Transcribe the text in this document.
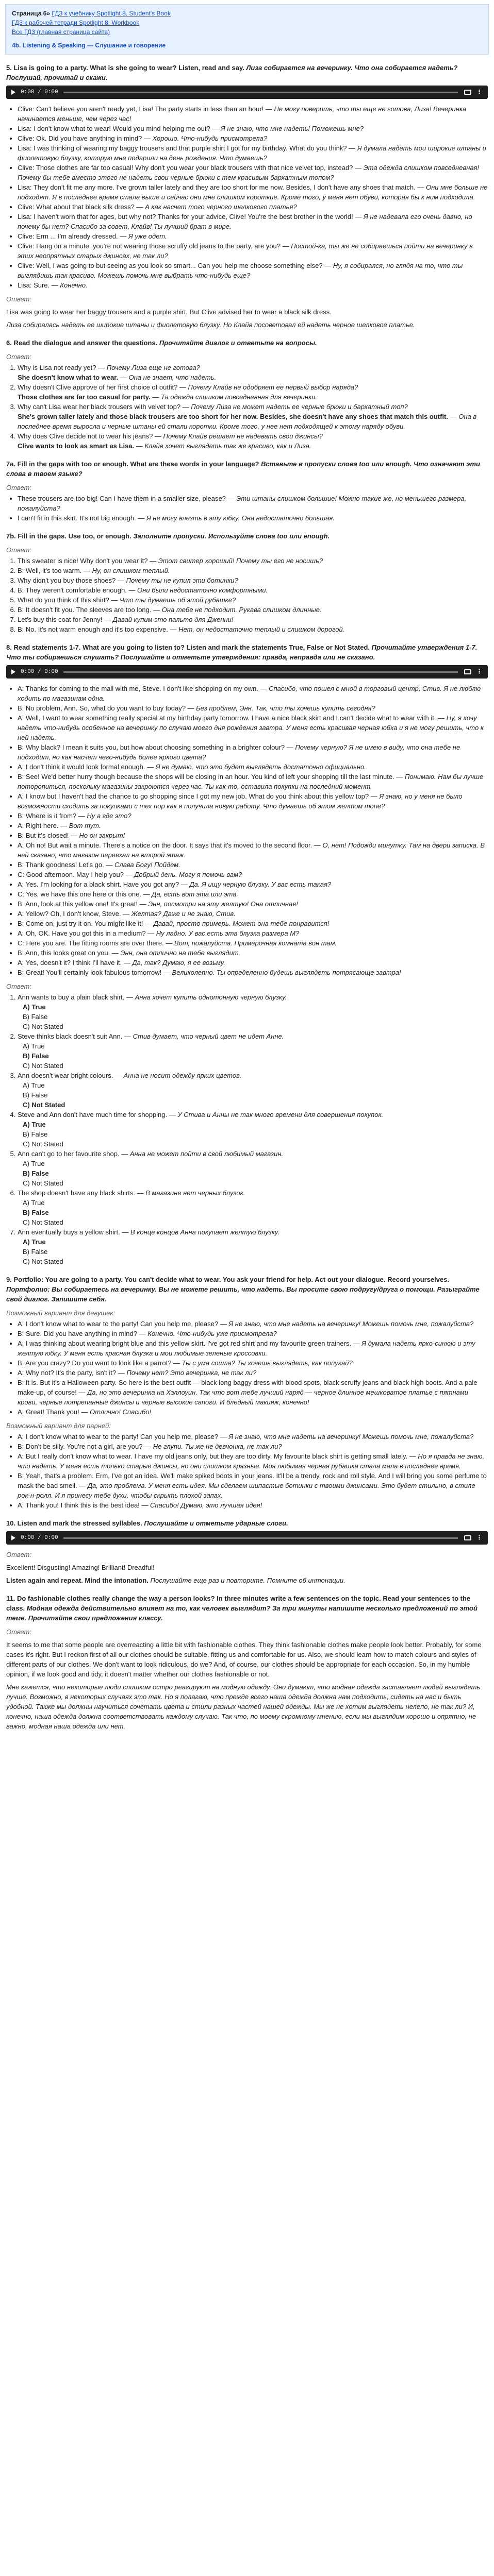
Страница 6» ГДЗ к учебнику Spotlight 8. Student's Book
ГДЗ к рабочей тетради Spotlight 8. Workbook
Все ГДЗ (главная страница сайта)
4b. Listening & Speaking — Слушание и говорение
5. Lisa is going to a party. What is she going to wear? Listen, read and say. Лиза собирается на вечеринку. Что она собирается надеть? Послушай, прочитай и скажи.
0:00 / 0:00	⋮
• Clive: Can't believe you aren't ready yet, Lisa! The party starts in less than an hour! — Не могу поверить, что ты еще не готова, Лиза! Вечеринка начинается меньше, чем через час!
• Lisa: I don't know what to wear! Would you mind helping me out? — Я не знаю, что мне надеть! Поможешь мне?
• Clive: Ok. Did you have anything in mind? — Хорошо. Что-нибудь присмотрела?
• Lisa: I was thinking of wearing my baggy trousers and that purple shirt I got for my birthday. What do you think? — Я думала надеть мои широкие штаны и фиолетовую блузку, которую мне подарили на день рождения. Что думаешь?
• Clive: Those clothes are far too casual! Why don't you wear your black trousers with that nice velvet top, instead? — Эта одежда слишком повседневная! Почему бы тебе вместо этого не надеть свои черные брюки с тем красивым бархатным топом?
• Lisa: They don't fit me any more. I've grown taller lately and they are too short for me now. Besides, I don't have any shoes that match. — Они мне больше не подходят. Я в последнее время стала выше и сейчас они мне слишком короткие. Кроме того, у меня нет обуви, которая бы к ним подходила.
• Clive: What about that black silk dress? — А как насчет того черного шелкового платья?
• Lisa: I haven't worn that for ages, but why not? Thanks for your advice, Clive! You're the best brother in the world! — Я не надевала его очень давно, но почему бы нет? Спасибо за совет, Клайв! Ты лучший брат в мире.
• Clive: Erm ... I'm already dressed. — Я уже одет.
• Clive: Hang on a minute, you're not wearing those scruffy old jeans to the party, are you? — Постой-ка, ты же не собираешься пойти на вечеринку в этих неопрятных старых джинсах, не так ли?
• Clive: Well, I was going to but seeing as you look so smart... Can you help me choose something else? — Ну, я собирался, но глядя на то, что ты выглядишь так красиво. Можешь помочь мне выбрать что-нибудь еще?
• Lisa: Sure. — Конечно.
Ответ:
Lisa was going to wear her baggy trousers and a purple shirt. But Clive advised her to wear a black silk dress.
Лиза собиралась надеть ее широкие штаны и фиолетовую блузку. Но Клайв посоветовал ей надеть черное шелковое платье.
6. Read the dialogue and answer the questions. Прочитайте диалог и ответьте на вопросы.
Ответ:
1. Why is Lisa not ready yet? — Почему Лиза еще не готова?
She doesn't know what to wear. — Она не знает, что надеть.
2. Why doesn't Clive approve of her first choice of outfit? — Почему Клайв не одобряет ее первый выбор наряда?
Those clothes are far too casual for party. — Та одежда слишком повседневная для вечеринки.
3. Why can't Lisa wear her black trousers with velvet top? — Почему Лиза не может надеть ее черные брюки и бархатный топ?
She's grown taller lately and those black trousers are too short for her now. Besides, she doesn't have any shoes that match this outfit. — Она в последнее время выросла и черные штаны ей стали коротки. Кроме того, у нее нет подходящей к этому наряду обуви.
4. Why does Clive decide not to wear his jeans? — Почему Клайв решает не надевать свои джинсы?
Clive wants to look as smart as Lisa. — Клайв хочет выглядеть так же красиво, как и Лиза.
7a. Fill in the gaps with too or enough. What are these words in your language? Вставьте в пропуски слова too или enough. Что означают эти слова в твоем языке?
Ответ:
• These trousers are too big! Can I have them in a smaller size, please? — Эти штаны слишком большие! Можно такие же, но меньшего размера, пожалуйста?
• I can't fit in this skirt. It's not big enough. — Я не могу влезть в эту юбку. Она недостаточно большая.
7b. Fill in the gaps. Use too, or enough. Заполните пропуски. Используйте слова too или enough.
Ответ:
1. This sweater is nice! Why don't you wear it? — Этот свитер хороший! Почему ты его не носишь?
2. B: Well, it's too warm. — Ну, он слишком теплый.
3. Why didn't you buy those shoes? — Почему ты не купил эти ботинки?
4. B: They weren't comfortable enough. — Они были недостаточно комфортными.
5. What do you think of this shirt? — Что ты думаешь об этой рубашке?
6. B: It doesn't fit you. The sleeves are too long. — Она тебе не подходит. Рукава слишком длинные.
7. Let's buy this coat for Jenny! — Давай купим это пальто для Дженни!
8. B: No. It's not warm enough and it's too expensive. — Нет, он недостаточно теплый и слишком дорогой.
8. Read statements 1-7. What are you going to listen to? Listen and mark the statements True, False or Not Stated. Прочитайте утверждения 1-7. Что ты собираешься слушать? Послушайте и отметьте утверждения: правда, неправда или не сказано.
0:00 / 0:00	⋮
• A: Thanks for coming to the mall with me, Steve. I don't like shopping on my own. — Спасибо, что пошел с мной в торговый центр, Стив. Я не люблю ходить по магазинам одна.
• B: No problem, Ann. So, what do you want to buy today? — Без проблем, Энн. Так, что ты хочешь купить сегодня?
• A: Well, I want to wear something really special at my birthday party tomorrow. I have a nice black skirt and I can't decide what to wear with it. — Ну, я хочу надеть что-нибудь особенное на вечеринку по случаю моего дня рождения завтра. У меня есть красивая черная юбка и я не могу решить, что к ней надеть.
• B: Why black? I mean it suits you, but how about choosing something in a brighter colour? — Почему черную? Я не имею в виду, что она тебе не подходит, но как насчет чего-нибудь более яркого цвета?
• A: I don't think it would look formal enough. — Я не думаю, что это будет выглядеть достаточно официально.
• B: See! We'd better hurry though because the shops will be closing in an hour. You kind of left your shopping till the last minute. — Понимаю. Нам бы лучше поторопиться, поскольку магазины закроются через час. Ты как-то, оставила покупки на последний момент.
• A: I know but I haven't had the chance to go shopping since I got my new job. What do you think about this yellow top? — Я знаю, но у меня не было возможности сходить за покупками с тех пор как я получила новую работу. Что думаешь об этом желтом топе?
• B: Where is it from? — Ну а где это?
• A: Right here. — Вот тут.
• B: But it's closed! — Но он закрыт!
• A: Oh no! But wait a minute. There's a notice on the door. It says that it's moved to the second floor. — О, нет! Подожди минутку. Там на двери записка. В ней сказано, что магазин переехал на второй этаж.
• B: Thank goodness! Let's go. — Слава Богу! Пойдем.
• C: Good afternoon. May I help you? — Добрый день. Могу я помочь вам?
• A: Yes. I'm looking for a black shirt. Have you got any? — Да. Я ищу черную блузку. У вас есть такая?
• C: Yes, we have this one here or this one. — Да, есть вот эта или эта.
• B: Ann, look at this yellow one! It's great! — Энн, посмотри на эту желтую! Она отличная!
• A: Yellow? Oh, I don't know, Steve. — Желтая? Даже и не знаю, Стив.
• B: Come on, just try it on. You might like it! — Давай, просто примерь. Может она тебе понравится!
• A: Oh, OK. Have you got this in a medium? — Ну ладно. У вас есть эта блузка размера M?
• C: Here you are. The fitting rooms are over there. — Вот, пожалуйста. Примерочная комната вон там.
• B: Ann, this looks great on you. — Энн, она отлично на тебе выглядит.
• A: Yes, doesn't it? I think I'll have it. — Да, так? Думаю, я ее возьму.
• B: Great! You'll certainly look fabulous tomorrow! — Великолепно. Ты определенно будешь выглядеть потрясающе завтра!
Ответ:
1. Ann wants to buy a plain black shirt. — Анна хочет купить однотонную черную блузку.
A) True
B) False
C) Not Stated
2. Steve thinks black doesn't suit Ann. — Стив думает, что черный цвет не идет Анне.
A) True
B) False
C) Not Stated
3. Ann doesn't wear bright colours. — Анна не носит одежду ярких цветов.
A) True
B) False
C) Not Stated
4. Steve and Ann don't have much time for shopping. — У Стива и Анны не так много времени для совершения покупок.
A) True
B) False
C) Not Stated
5. Ann can't go to her favourite shop. — Анна не может пойти в свой любимый магазин.
A) True
B) False
C) Not Stated
6. The shop doesn't have any black shirts. — В магазине нет черных блузок.
A) True
B) False
C) Not Stated
7. Ann eventually buys a yellow shirt. — В конце концов Анна покупает желтую блузку.
A) True
B) False
C) Not Stated
9. Portfolio: You are going to a party. You can't decide what to wear. You ask your friend for help. Act out your dialogue. Record yourselves. Портфолио: Вы собираетесь на вечеринку. Вы не можете решить, что надеть. Вы просите свою подругу/друга о помощи. Разыграйте свой диалог. Запишите себя.
Возможный вариант для девушек:
• A: I don't know what to wear to the party! Can you help me, please? — Я не знаю, что мне надеть на вечеринку! Можешь помочь мне, пожалуйста?
• B: Sure. Did you have anything in mind? — Конечно. Что-нибудь уже присмотрела?
• A: I was thinking about wearing bright blue and this yellow skirt. I've got red shirt and my favourite green trainers. — Я думала надеть ярко-синюю и эту желтую юбку. У меня есть красная блузка и мои любимые зеленые кроссовки.
• B: Are you crazy? Do you want to look like a parrot? — Ты с ума сошла? Ты хочешь выглядеть, как попугай?
• A: Why not? It's the party, isn't it? — Почему нет? Это вечеринка, не так ли?
• B: It is. But it's a Halloween party. So here is the best outfit — black long baggy dress with blood spots, black scruffy jeans and black high boots. And a pale make-up, of course! — Да, но это вечеринка на Хэллоуин. Так что вот тебе лучший наряд — черное длинное мешковатое платье с пятнами крови, черные потрепанные джинсы и черные высокие сапоги. И бледный макияж, конечно!
• A: Great! Thank you! — Отлично! Спасибо!
Возможный вариант для парней:
• A: I don't know what to wear to the party! Can you help me, please? — Я не знаю, что мне надеть на вечеринку! Можешь помочь мне, пожалуйста?
• B: Don't be silly. You're not a girl, are you? — Не глупи. Ты же не девчонка, не так ли?
• A: But I really don't know what to wear. I have my old jeans only, but they are too dirty. My favourite black shirt is getting small lately. — Но я правда не знаю, что надеть. У меня есть только старые джинсы, но они слишком грязные. Моя любимая черная рубашка стала мала в последнее время.
• B: Yeah, that's a problem. Erm, I've got an idea. We'll make spiked boots in your jeans. It'll be a trendy, rock and roll style. And I will bring you some perfume to mask the bad smell. — Да, это проблема. У меня есть идея. Мы сделаем шипастые ботинки с твоими джинсами. Это будет стильно, в стиле рок-н-ролл. И я принесу тебе духи, чтобы скрыть плохой запах.
• A: Thank you! I think this is the best idea! — Спасибо! Думаю, это лучшая идея!
10. Listen and mark the stressed syllables. Послушайте и отметьте ударные слоги.
0:00 / 0:00	⋮
Ответ:
Excellent! Disgusting! Amazing! Brilliant! Dreadful!
Listen again and repeat. Mind the intonation. Послушайте еще раз и повторите. Помните об интонации.
11. Do fashionable clothes really change the way a person looks? In three minutes write a few sentences on the topic. Read your sentences to the class. Модная одежда действительно влияет на то, как человек выглядит? За три минуты напишите несколько предложений по этой теме. Прочитайте свои предложения классу.
Ответ:
It seems to me that some people are overreacting a little bit with fashionable clothes. They think fashionable clothes make people look better. Probably, for some cases it's right. But I reckon first of all our clothes should be suitable, fitting us and comfortable for us. Also, we should learn how to match colours and styles of different parts of our clothes. We don't want to look ridiculous, do we? And, of course, our clothes should be appropriate for each occasion. So, in my humble opinion, if we look good and tidy, it doesn't matter whether our clothes fashionable or not.
Мне кажется, что некоторые люди слишком остро реагируют на модную одежду. Они думают, что модная одежда заставляет людей выглядеть лучше. Возможно, в некоторых случаях это так. Но я полагаю, что прежде всего наша одежда должна нам подходить, сидеть на нас и быть удобной. Также мы должны научиться сочетать цвета и стили разных частей нашей одежды. Мы же не хотим выглядеть нелепо, не так ли? И, конечно, наша одежда должна соответствовать каждому случаю. Так что, по моему скромному мнению, если мы выглядим хорошо и опрятно, не важно, модная наша одежда или нет.
